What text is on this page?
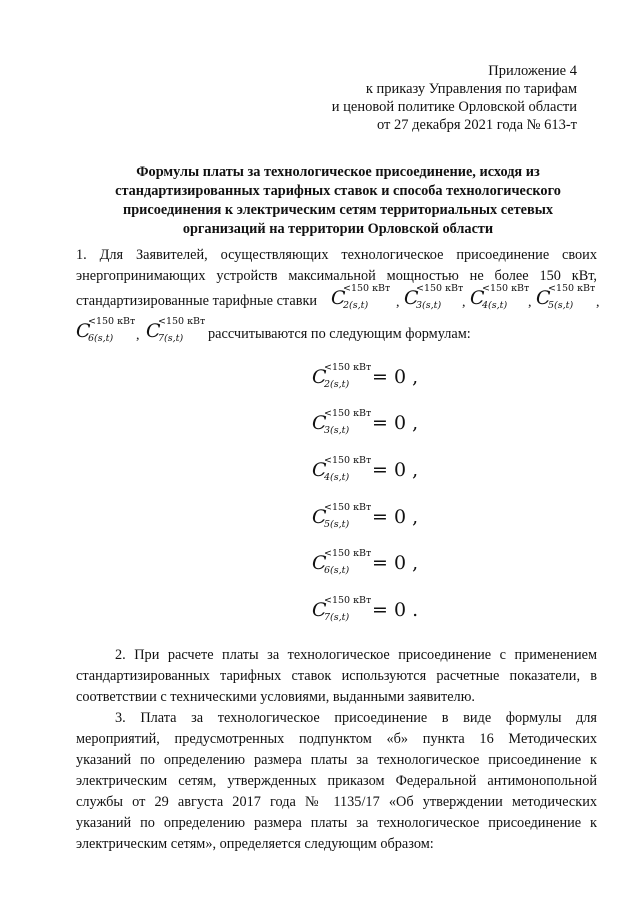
Приложение 4
к приказу Управления по тарифам
и ценовой политике Орловской области
от 27 декабря 2021 года № 613-т
Формулы платы за технологическое присоединение, исходя из
стандартизированных тарифных ставок и способа технологического
присоединения к электрическим сетям территориальных сетевых
организаций на территории Орловской области
1. Для Заявителей, осуществляющих технологическое присоединение своих
энергопринимающих устройств максимальной мощностью не более 150 кВт,
стандартизированные тарифные ставки C
<150 кВт
2(s,t) , C
<150 кВт
3(s,t) , C
<150 кВт
4(s,t) , C
<150 кВт
5(s,t) ,
C
<150 кВт
6(s,t) , C
<150 кВт
7(s,t) рассчитываются по следующим формулам:
C
<150 кВт
2(s,t) = 0 ,
C
<150 кВт
3(s,t) = 0 ,
C
<150 кВт
4(s,t) = 0 ,
C
<150 кВт
5(s,t) = 0 ,
C
<150 кВт
6(s,t) = 0 ,
C
<150 кВт
7(s,t) = 0 .
2. При расчете платы за технологическое присоединение с применением
стандартизированных тарифных ставок используются расчетные показатели, в
соответствии с техническими условиями, выданными заявителю.
3. Плата за технологическое присоединение в виде формулы для
мероприятий, предусмотренных подпунктом «б» пункта 16 Методических
указаний по определению размера платы за технологическое присоединение к
электрическим сетям, утвержденных приказом Федеральной антимонопольной
службы от 29 августа 2017 года № 1135/17 «Об утверждении методических
указаний по определению размера платы за технологическое присоединение к
электрическим сетям», определяется следующим образом:
